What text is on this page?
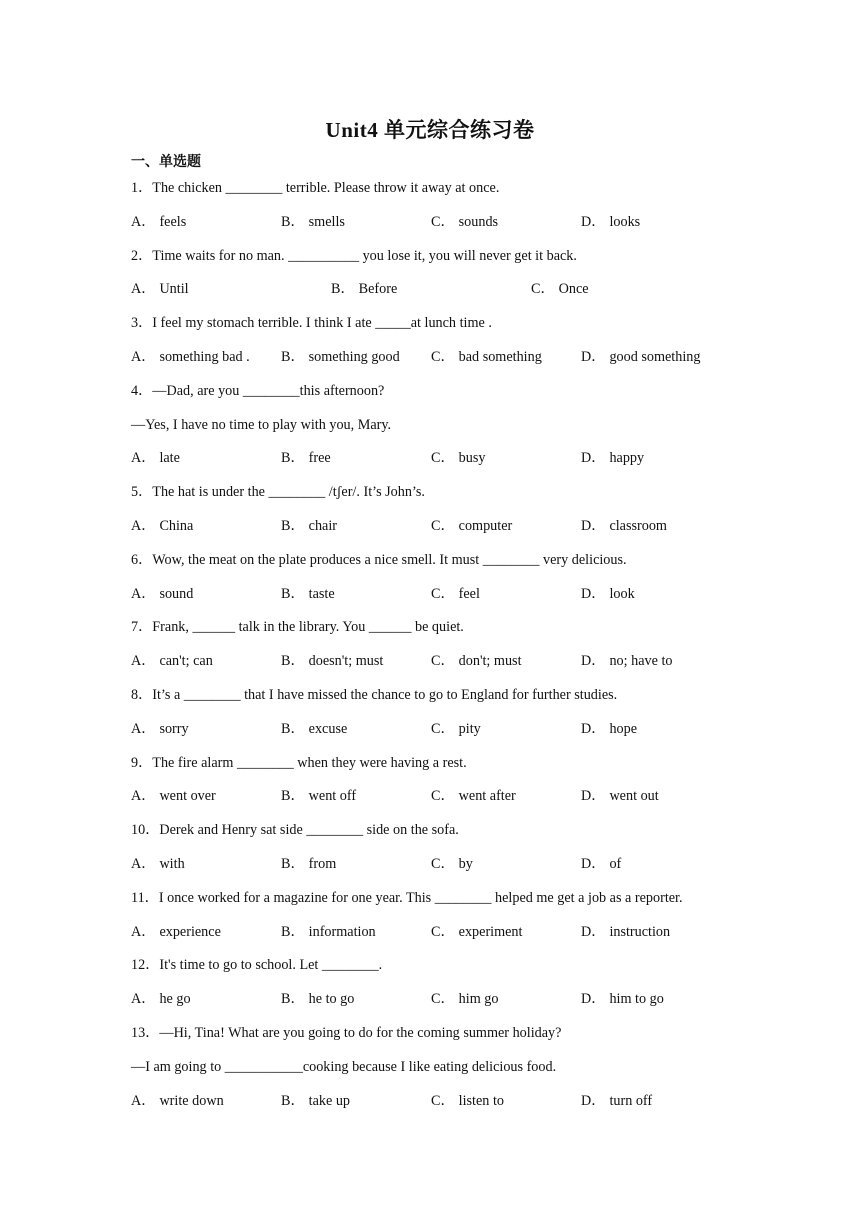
Unit4 单元综合练习卷
一、单选题
1．The chicken ________ terrible. Please throw it away at once.
A． feels	B． smells	C． sounds	D． looks
2．Time waits for no man. __________ you lose it, you will never get it back.
A． Until	B． Before	C． Once
3．I feel my stomach terrible. I think I ate _____at lunch time .
A． something bad . B． something good C． bad something	D． good something
4．—Dad, are you ________this afternoon?
—Yes, I have no time to play with you, Mary.
A． late	B． free	C． busy	D． happy
5．The hat is under the ________ /tʃer/. It’s John’s.
A． China	B． chair	C． computer	D． classroom
6．Wow, the meat on the plate produces a nice smell. It must ________ very delicious.
A． sound	B． taste	C． feel	D． look
7．Frank, ______ talk in the library. You ______ be quiet.
A． can't; can	B． doesn't; must	C． don't; must	D． no; have to
8．It’s a ________ that I have missed the chance to go to England for further studies.
A． sorry	B． excuse	C． pity	D． hope
9．The fire alarm ________ when they were having a rest.
A． went over	B． went off	C． went after	D． went out
10．Derek and Henry sat side ________ side on the sofa.
A． with	B． from	C． by	D． of
11．I once worked for a magazine for one year. This ________ helped me get a job as a reporter.
A． experience	B． information	C． experiment	D． instruction
12．It's time to go to school. Let ________.
A． he go	B． he to go	C． him go	D． him to go
13．—Hi, Tina! What are you going to do for the coming summer holiday?
—I am going to ___________cooking because I like eating delicious food.
A． write down	B． take up	C． listen to	D． turn off
